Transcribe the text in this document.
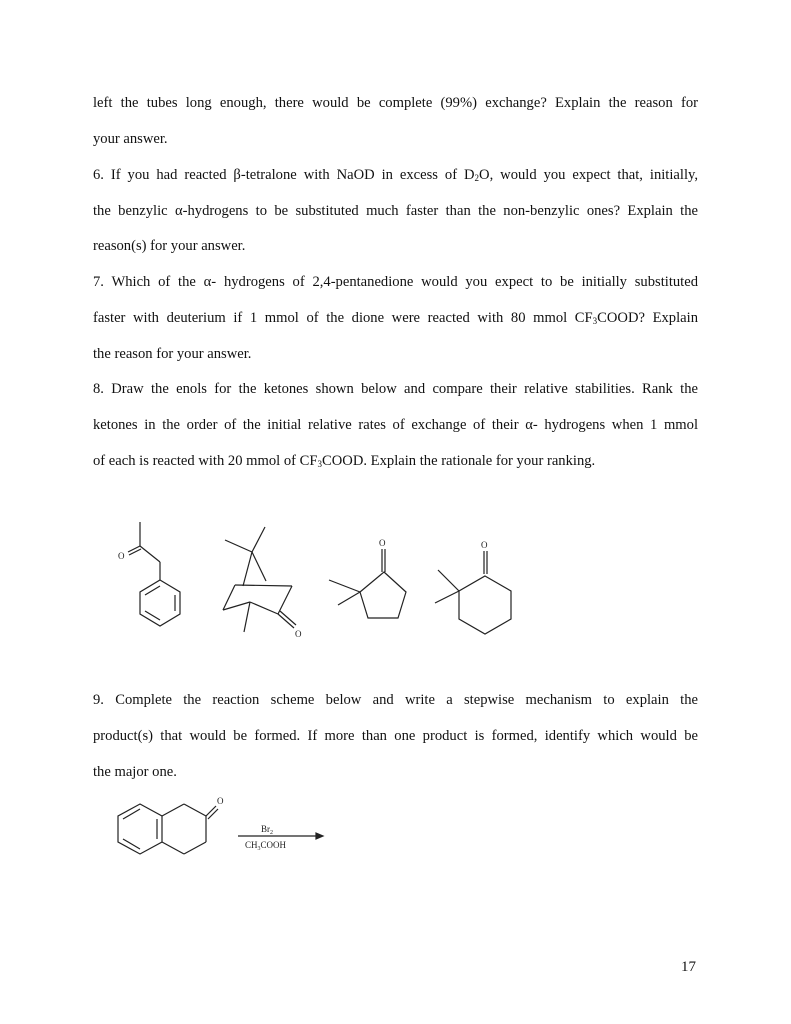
left the tubes long enough, there would be complete (99%) exchange? Explain the reason for
your answer.
6. If you had reacted β-tetralone with NaOD in excess of $D_2O$, would you expect that, initially,
the benzylic α-hydrogens to be substituted much faster than the non-benzylic ones? Explain the
reason(s) for your answer.
7. Which of the α- hydrogens of 2,4-pentanedione would you expect to be initially substituted
faster with deuterium if 1 mmol of the dione were reacted with 80 mmol $CF_3COOD$? Explain
the reason for your answer.
8. Draw the enols for the ketones shown below and compare their relative stabilities. Rank the
ketones in the order of the initial relative rates of exchange of their α- hydrogens when 1 mmol
of each is reacted with 20 mmol of $CF_3COOD$. Explain the rationale for your ranking.
O
O
O	O
9. Complete the reaction scheme below and write a stepwise mechanism to explain the
product(s) that would be formed. If more than one product is formed, identify which would be
the major one.
O
$Br_2$
$CH_3COOH$
17
